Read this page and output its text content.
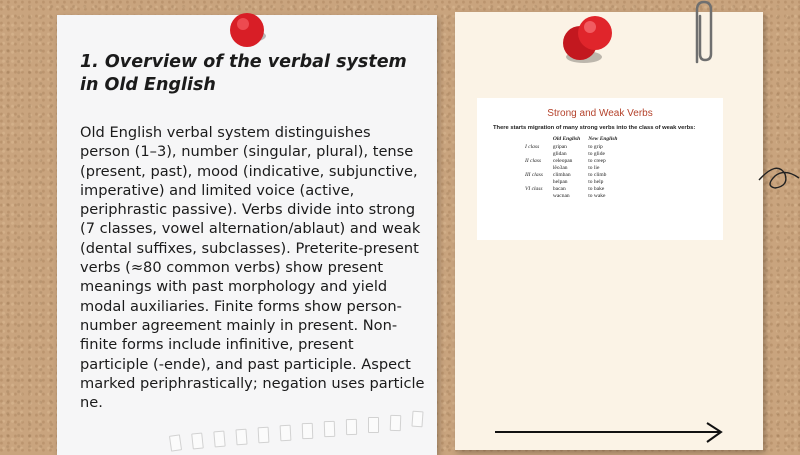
1. Overview of the verbal system in Old English
Old English verbal system distinguishes person (1–3), number (singular, plural), tense (present, past), mood (indicative, subjunctive, imperative) and limited voice (active, periphrastic passive). Verbs divide into strong (7 classes, vowel alternation/ablaut) and weak (dental suffixes, subclasses). Preterite-present verbs (≈80 common verbs) show present meanings with past morphology and yield modal auxiliaries. Finite forms show person-number agreement mainly in present. Non-finite forms include infinitive, present participle (-ende), and past participle. Aspect marked periphrastically; negation uses particle ne.
Strong and Weak Verbs
There starts migration of many strong verbs into the class of weak verbs:
	Old English	New English
I class	gripan	to grip
	glidan	to glide
II class	celeopan	to creep
	lêo3an	to lie
III class	climban	to climb
	helpan	to help
VI class	bacan	to bake
	wacnan	to wake
